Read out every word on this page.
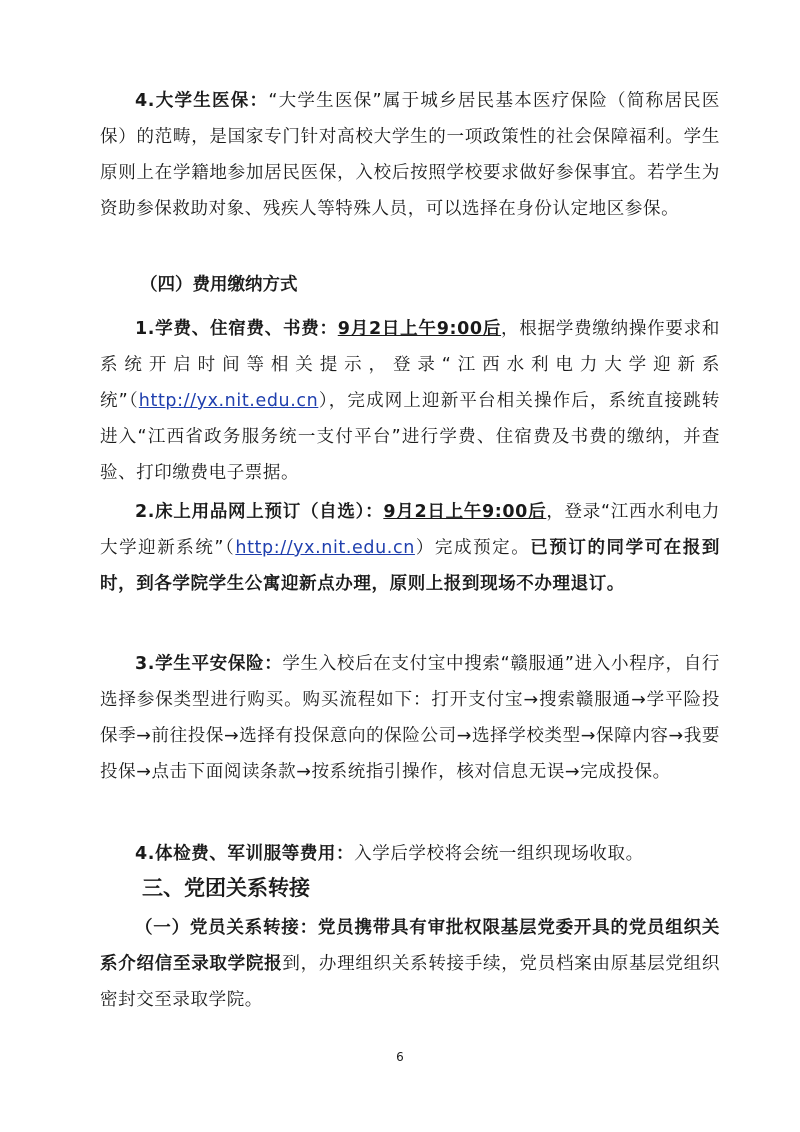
4.大学生医保：“大学生医保”属于城乡居民基本医疗保险（简称居民医保）的范畴，是国家专门针对高校大学生的一项政策性的社会保障福利。学生原则上在学籍地参加居民医保，入校后按照学校要求做好参保事宜。若学生为资助参保救助对象、残疾人等特殊人员，可以选择在身份认定地区参保。

（四）费用缴纳方式

1.学费、住宿费、书费：9月2日上午9:00后，根据学费缴纳操作要求和系统开启时间等相关提示，登录“江西水利电力大学迎新系统”（http://yx.nit.edu.cn），完成网上迎新平台相关操作后，系统直接跳转进入“江西省政务服务统一支付平台”进行学费、住宿费及书费的缴纳，并查验、打印缴费电子票据。

2.床上用品网上预订（自选）：9月2日上午9:00后，登录“江西水利电力大学迎新系统”（http://yx.nit.edu.cn）完成预定。已预订的同学可在报到时，到各学院学生公寓迎新点办理，原则上报到现场不办理退订。

3.学生平安保险：学生入校后在支付宝中搜索“赣服通”进入小程序，自行选择参保类型进行购买。购买流程如下：打开支付宝→搜索赣服通→学平险投保季→前往投保→选择有投保意向的保险公司→选择学校类型→保障内容→我要投保→点击下面阅读条款→按系统指引操作，核对信息无误→完成投保。

4.体检费、军训服等费用：入学后学校将会统一组织现场收取。

三、党团关系转接

（一）党员关系转接：党员携带具有审批权限基层党委开具的党员组织关系介绍信至录取学院报到，办理组织关系转接手续，党员档案由原基层党组织密封交至录取学院。

6
